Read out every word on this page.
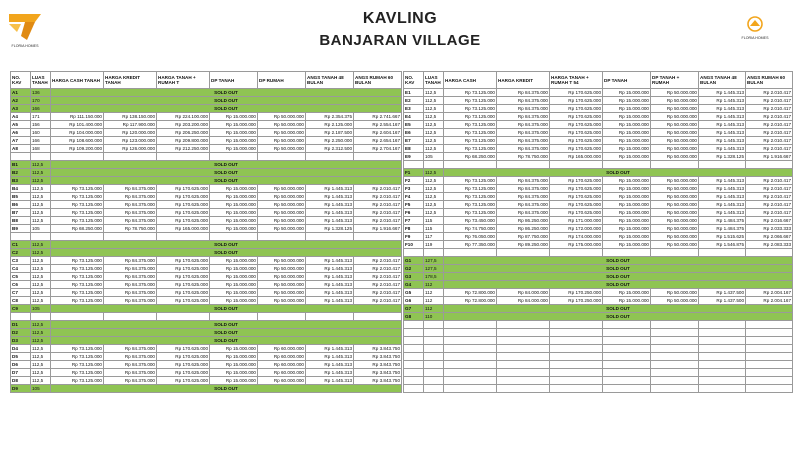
FLORIA HOMES
FLORIA HOMES
KAVLING
BANJARAN VILLAGE
NO. KAV	LUAS TANAH	HARGA CASH TANAH	HARGA KREDIT TANAH	HARGA TANAH + RUMAH T	DP TANAH	DP RUMAH	ANGS TANAH 48 BULAN	ANGS RUMAH 60 BULAN
A1	136	SOLD OUT						
A2	170	SOLD OUT						
A3	166	SOLD OUT						
A4	171	Rp 111.150.000	Rp 138.150.000	Rp 224.100.000	Rp 15.000.000	Rp 50.000.000	Rp 2.354.375	Rp 2.741.667
A5	156	Rp 101.400.000	Rp 117.900.000	Rp 203.200.000	Rp 15.000.000	Rp 50.000.000	Rp 2.125.000	Rp 2.554.167
A6	160	Rp 104.000.000	Rp 120.000.000	Rp 206.250.000	Rp 15.000.000	Rp 50.000.000	Rp 2.187.500	Rp 2.604.167
A7	166	Rp 108.600.000	Rp 123.000.000	Rp 209.800.000	Rp 15.000.000	Rp 50.000.000	Rp 2.250.000	Rp 2.654.167
A8	168	Rp 109.200.000	Rp 126.000.000	Rp 212.250.000	Rp 15.000.000	Rp 50.000.000	Rp 2.312.500	Rp 2.704.167

B1	112,5	SOLD OUT						
B2	112,5	SOLD OUT						
B3	112,5	SOLD OUT						
B4	112,5	Rp 73.125.000	Rp 84.375.000	Rp 170.625.000	Rp 15.000.000	Rp 50.000.000	Rp 1.445.313	Rp 2.010.417
B5	112,5	Rp 73.125.000	Rp 84.375.000	Rp 170.625.000	Rp 15.000.000	Rp 50.000.000	Rp 1.445.313	Rp 2.010.417
B6	112,5	Rp 73.125.000	Rp 84.375.000	Rp 170.625.000	Rp 15.000.000	Rp 50.000.000	Rp 1.445.313	Rp 2.010.417
B7	112,5	Rp 73.125.000	Rp 84.375.000	Rp 170.625.000	Rp 15.000.000	Rp 50.000.000	Rp 1.445.313	Rp 2.010.417
B8	112,5	Rp 73.125.000	Rp 84.375.000	Rp 170.625.000	Rp 15.000.000	Rp 50.000.000	Rp 1.445.313	Rp 2.010.417
B9	105	Rp 68.250.000	Rp 78.750.000	Rp 165.000.000	Rp 15.000.000	Rp 50.000.000	Rp 1.328.125	Rp 1.916.667

C1	112,5	SOLD OUT						
C2	112,5	SOLD OUT						
C3	112,5	Rp 73.125.000	Rp 84.375.000	Rp 170.625.000	Rp 15.000.000	Rp 50.000.000	Rp 1.445.313	Rp 2.010.417
C4	112,5	Rp 73.125.000	Rp 84.375.000	Rp 170.625.000	Rp 15.000.000	Rp 50.000.000	Rp 1.445.313	Rp 2.010.417
C5	112,5	Rp 73.125.000	Rp 84.375.000	Rp 170.625.000	Rp 15.000.000	Rp 50.000.000	Rp 1.445.313	Rp 2.010.417
C6	112,5	Rp 73.125.000	Rp 84.375.000	Rp 170.625.000	Rp 15.000.000	Rp 50.000.000	Rp 1.445.313	Rp 2.010.417
C7	112,5	Rp 73.125.000	Rp 84.375.000	Rp 170.625.000	Rp 15.000.000	Rp 50.000.000	Rp 1.445.313	Rp 2.010.417
C8	112,5	Rp 73.125.000	Rp 84.375.000	Rp 170.625.000	Rp 15.000.000	Rp 50.000.000	Rp 1.445.313	Rp 2.010.417
C9	105	SOLD OUT						

D1	112,5	SOLD OUT						
D2	112,5	SOLD OUT						
D3	112,5	SOLD OUT						
D4	112,5	Rp 73.125.000	Rp 84.375.000	Rp 170.625.000	Rp 15.000.000	Rp 60.000.000	Rp 1.445.313	Rp 3.843.750
D5	112,5	Rp 73.125.000	Rp 84.375.000	Rp 170.625.000	Rp 15.000.000	Rp 60.000.000	Rp 1.445.313	Rp 3.843.750
D6	112,5	Rp 73.125.000	Rp 84.375.000	Rp 170.625.000	Rp 15.000.000	Rp 60.000.000	Rp 1.445.313	Rp 3.843.750
D7	112,5	Rp 73.125.000	Rp 84.375.000	Rp 170.625.000	Rp 15.000.000	Rp 60.000.000	Rp 1.445.313	Rp 3.843.750
D8	112,5	Rp 73.125.000	Rp 84.375.000	Rp 170.625.000	Rp 15.000.000	Rp 60.000.000	Rp 1.445.313	Rp 3.843.750
D9	105	SOLD OUT						
NO. KAV	LUAS TANAH	HARGA CASH	HARGA KREDIT	HARGA TANAH + RUMAH T 54	DP TANAH	DP TANAH + RUMAH	ANGS TANAH 48 BULAN	ANGS RUMAH 60 BULAN
E1	112,5	Rp 73.125.000	Rp 84.375.000	Rp 170.625.000	Rp 15.000.000	Rp 50.000.000	Rp 1.445.313	Rp 2.010.417
E2	112,5	Rp 73.125.000	Rp 84.375.000	Rp 170.625.000	Rp 15.000.000	Rp 50.000.000	Rp 1.445.313	Rp 2.010.417
E3	112,5	Rp 73.125.000	Rp 84.375.000	Rp 170.625.000	Rp 15.000.000	Rp 50.000.000	Rp 1.445.313	Rp 2.010.417
E4	112,5	Rp 73.125.000	Rp 84.375.000	Rp 170.625.000	Rp 15.000.000	Rp 50.000.000	Rp 1.445.313	Rp 2.010.417
E5	112,5	Rp 73.125.000	Rp 84.375.000	Rp 170.625.000	Rp 15.000.000	Rp 50.000.000	Rp 1.445.313	Rp 2.010.417
E6	112,5	Rp 73.125.000	Rp 84.375.000	Rp 170.625.000	Rp 15.000.000	Rp 50.000.000	Rp 1.445.313	Rp 2.010.417
E7	112,5	Rp 73.125.000	Rp 84.375.000	Rp 170.625.000	Rp 15.000.000	Rp 50.000.000	Rp 1.445.313	Rp 2.010.417
E8	112,5	Rp 73.125.000	Rp 84.375.000	Rp 170.625.000	Rp 15.000.000	Rp 50.000.000	Rp 1.445.313	Rp 2.010.417
E9	105	Rp 68.250.000	Rp 78.750.000	Rp 165.000.000	Rp 15.000.000	Rp 50.000.000	Rp 1.328.125	Rp 1.916.667

F1	112,5	SOLD OUT						
F2	112,5	Rp 73.125.000	Rp 84.375.000	Rp 170.625.000	Rp 15.000.000	Rp 50.000.000	Rp 1.445.313	Rp 2.010.417
F3	112,5	Rp 73.125.000	Rp 84.375.000	Rp 170.625.000	Rp 15.000.000	Rp 50.000.000	Rp 1.445.313	Rp 2.010.417
F4	112,5	Rp 73.125.000	Rp 84.375.000	Rp 170.625.000	Rp 15.000.000	Rp 50.000.000	Rp 1.445.313	Rp 2.010.417
F5	112,5	Rp 73.125.000	Rp 84.375.000	Rp 170.625.000	Rp 15.000.000	Rp 50.000.000	Rp 1.445.313	Rp 2.010.417
F6	112,5	Rp 73.125.000	Rp 84.375.000	Rp 170.625.000	Rp 15.000.000	Rp 50.000.000	Rp 1.445.313	Rp 2.010.417
F7	115	Rp 73.450.000	Rp 86.250.000	Rp 171.000.000	Rp 15.000.000	Rp 50.000.000	Rp 1.484.375	Rp 2.016.667
F8	115	Rp 74.750.000	Rp 86.250.000	Rp 172.000.000	Rp 15.000.000	Rp 50.000.000	Rp 1.484.375	Rp 2.033.333
F9	117	Rp 76.050.000	Rp 87.750.000	Rp 174.000.000	Rp 15.000.000	Rp 50.000.000	Rp 1.515.625	Rp 2.066.667
F10	119	Rp 77.350.000	Rp 89.250.000	Rp 175.000.000	Rp 15.000.000	Rp 50.000.000	Rp 1.546.875	Rp 2.083.333

G1	127,5	SOLD OUT						
G2	127,5	SOLD OUT						
G3	178,5	SOLD OUT						
G4	112	SOLD OUT						
G5	112	Rp 72.800.000	Rp 84.000.000	Rp 170.250.000	Rp 15.000.000	Rp 50.000.000	Rp 1.437.500	Rp 2.004.167
G6	112	Rp 72.800.000	Rp 84.000.000	Rp 170.250.000	Rp 15.000.000	Rp 50.000.000	Rp 1.437.500	Rp 2.004.167
G7	112	SOLD OUT						
G8	110	SOLD OUT						
